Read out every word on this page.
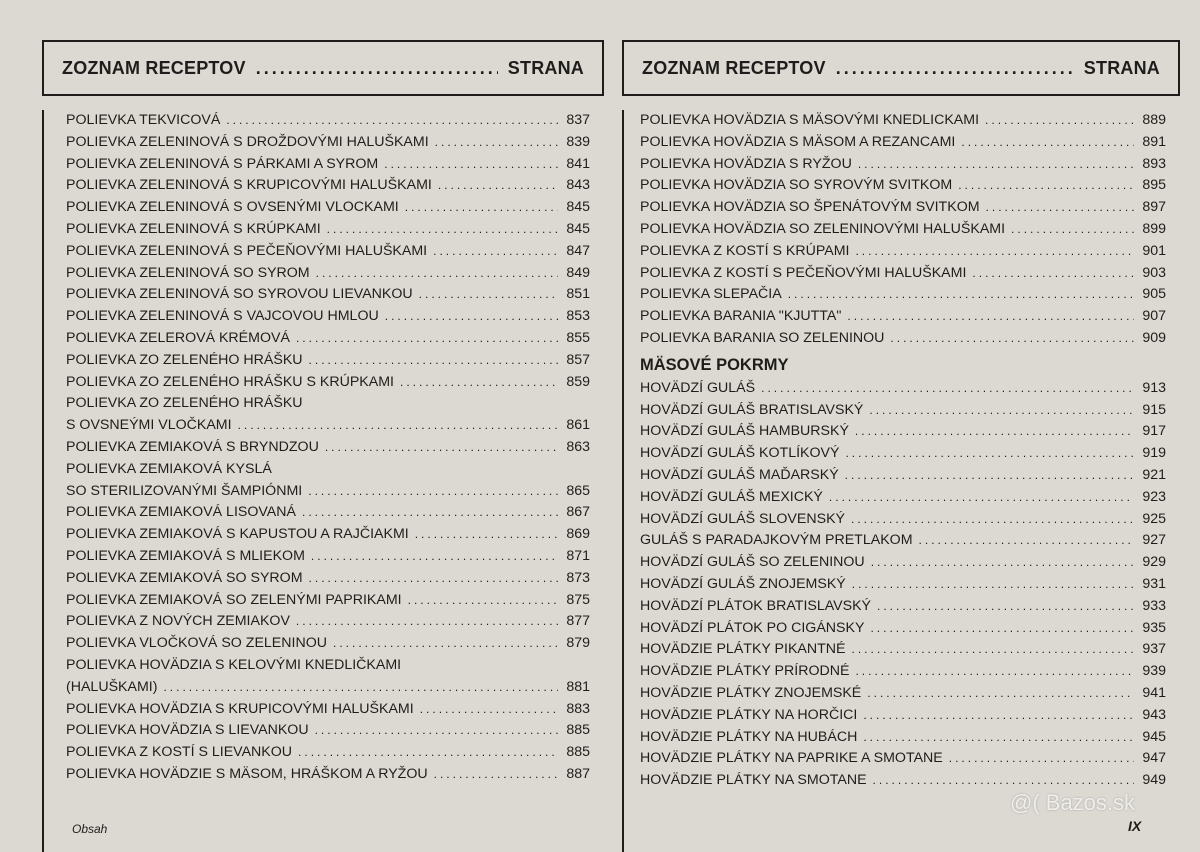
ZOZNAM RECEPTOV .....	STRANA
POLIEVKA TEKVICOVÁ .....	837
POLIEVKA ZELENINOVÁ S DROŽDOVÝMI HALUŠKAMI .....	839
POLIEVKA ZELENINOVÁ S PÁRKAMI A SYROM .....	841
POLIEVKA ZELENINOVÁ S KRUPICOVÝMI HALUŠKAMI .....	843
POLIEVKA ZELENINOVÁ S OVSENÝMI VLOCKAMI .....	845
POLIEVKA ZELENINOVÁ S KRÚPKAMI .....	845
POLIEVKA ZELENINOVÁ S PEČEŇOVÝMI HALUŠKAMI .....	847
POLIEVKA ZELENINOVÁ SO SYROM .....	849
POLIEVKA ZELENINOVÁ SO SYROVOU LIEVANKOU .....	851
POLIEVKA ZELENINOVÁ S VAJCOVOU HMLOU .....	853
POLIEVKA ZELEROVÁ KRÉMOVÁ .....	855
POLIEVKA ZO ZELENÉHO HRÁŠKU .....	857
POLIEVKA ZO ZELENÉHO HRÁŠKU S KRÚPKAMI .....	859
POLIEVKA ZO ZELENÉHO HRÁŠKU
S OVSNEÝMI VLOČKAMI .....	861
POLIEVKA ZEMIAKOVÁ S BRYNDZOU .....	863
POLIEVKA ZEMIAKOVÁ KYSLÁ
SO STERILIZOVANÝMI ŠAMPIÓNMI .....	865
POLIEVKA ZEMIAKOVÁ LISOVANÁ .....	867
POLIEVKA ZEMIAKOVÁ S KAPUSTOU A RAJČIAKMI .....	869
POLIEVKA ZEMIAKOVÁ S MLIEKOM .....	871
POLIEVKA ZEMIAKOVÁ SO SYROM .....	873
POLIEVKA ZEMIAKOVÁ SO ZELENÝMI PAPRIKAMI .....	875
POLIEVKA Z NOVÝCH ZEMIAKOV .....	877
POLIEVKA VLOČKOVÁ SO ZELENINOU .....	879
POLIEVKA HOVÄDZIA S KELOVÝMI KNEDLIČKAMI
(HALUŠKAMI) .....	881
POLIEVKA HOVÄDZIA S KRUPICOVÝMI HALUŠKAMI .....	883
POLIEVKA HOVÄDZIA S LIEVANKOU .....	885
POLIEVKA Z KOSTÍ S LIEVANKOU .....	885
POLIEVKA HOVÄDZIE S MÄSOM, HRÁŠKOM A RYŽOU .....	887
ZOZNAM RECEPTOV .....	STRANA
POLIEVKA HOVÄDZIA S MÄSOVÝMI KNEDLICKAMI .....	889
POLIEVKA HOVÄDZIA S MÄSOM A REZANCAMI .....	891
POLIEVKA HOVÄDZIA S RYŽOU .....	893
POLIEVKA HOVÄDZIA SO SYROVÝM SVITKOM .....	895
POLIEVKA HOVÄDZIA SO ŠPENÁTOVÝM SVITKOM .....	897
POLIEVKA HOVÄDZIA SO ZELENINOVÝMI HALUŠKAMI .....	899
POLIEVKA Z KOSTÍ S KRÚPAMI .....	901
POLIEVKA Z KOSTÍ S PEČEŇOVÝMI HALUŠKAMI .....	903
POLIEVKA SLEPAČIA .....	905
POLIEVKA BARANIA "KJUTTA" .....	907
POLIEVKA BARANIA SO ZELENINOU .....	909
MÄSOVÉ POKRMY
HOVÄDZÍ GULÁŠ .....	913
HOVÄDZÍ GULÁŠ BRATISLAVSKÝ .....	915
HOVÄDZÍ GULÁŠ HAMBURSKÝ .....	917
HOVÄDZÍ GULÁŠ KOTLÍKOVÝ .....	919
HOVÄDZÍ GULÁŠ MAĎARSKÝ .....	921
HOVÄDZÍ GULÁŠ MEXICKÝ .....	923
HOVÄDZÍ GULÁŠ SLOVENSKÝ .....	925
GULÁŠ S PARADAJKOVÝM PRETLAKOM .....	927
HOVÄDZÍ GULÁŠ SO ZELENINOU .....	929
HOVÄDZÍ GULÁŠ ZNOJEMSKÝ .....	931
HOVÄDZÍ PLÁTOK BRATISLAVSKÝ .....	933
HOVÄDZÍ PLÁTOK PO CIGÁNSKY .....	935
HOVÄDZIE PLÁTKY PIKANTNÉ .....	937
HOVÄDZIE PLÁTKY PRÍRODNÉ .....	939
HOVÄDZIE PLÁTKY ZNOJEMSKÉ .....	941
HOVÄDZIE PLÁTKY NA HORČICI .....	943
HOVÄDZIE PLÁTKY NA HUBÁCH .....	945
HOVÄDZIE PLÁTKY NA PAPRIKE A SMOTANE .....	947
HOVÄDZIE PLÁTKY NA SMOTANE .....	949
Obsah	IX
@( Bazos.sk
